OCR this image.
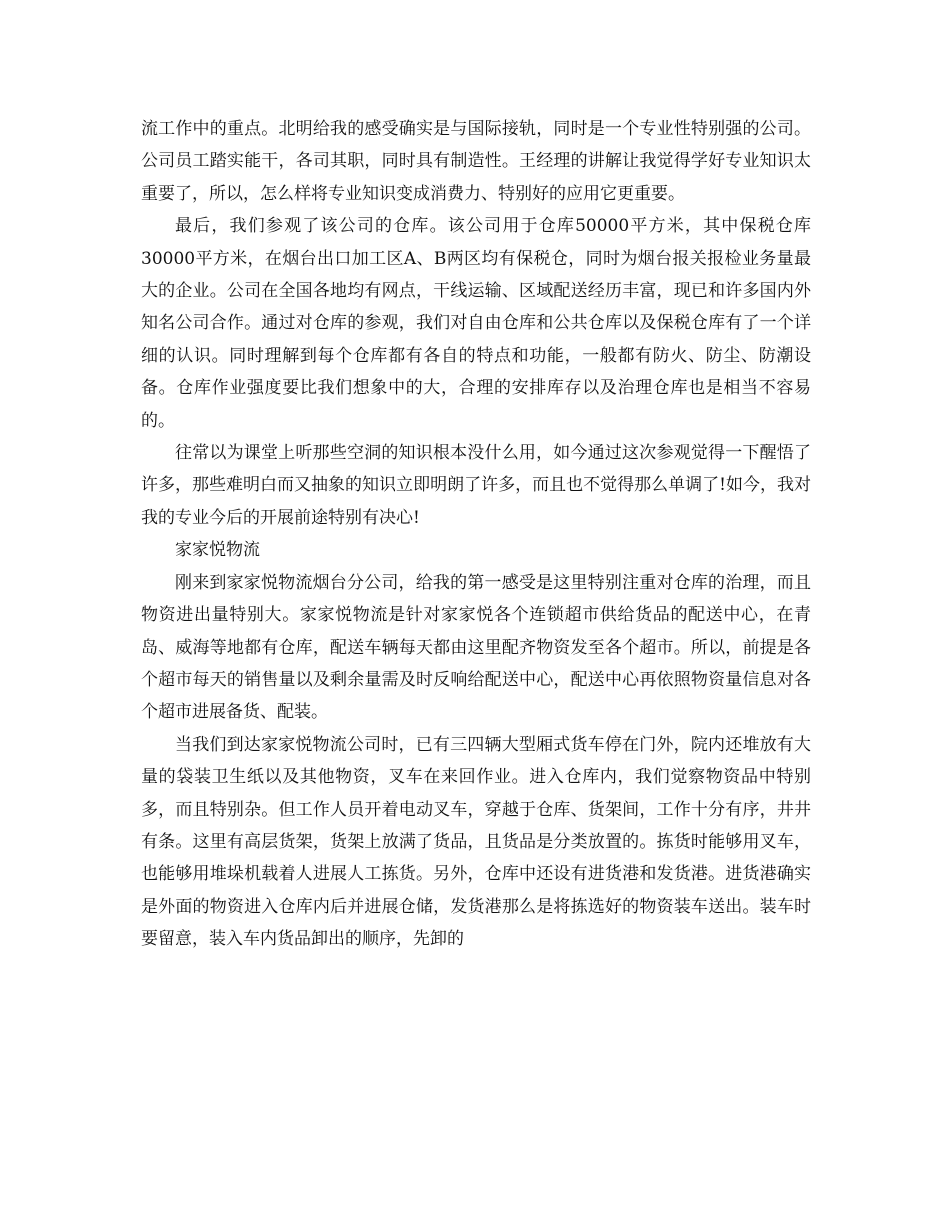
流工作中的重点。北明给我的感受确实是与国际接轨，同时是一个专业性特别强的公司。公司员工踏实能干，各司其职，同时具有制造性。王经理的讲解让我觉得学好专业知识太重要了，所以，怎么样将专业知识变成消费力、特别好的应用它更重要。

最后，我们参观了该公司的仓库。该公司用于仓库50000平方米，其中保税仓库30000平方米，在烟台出口加工区A、B两区均有保税仓，同时为烟台报关报检业务量最大的企业。公司在全国各地均有网点，干线运输、区域配送经历丰富，现已和许多国内外知名公司合作。通过对仓库的参观，我们对自由仓库和公共仓库以及保税仓库有了一个详细的认识。同时理解到每个仓库都有各自的特点和功能，一般都有防火、防尘、防潮设备。仓库作业强度要比我们想象中的大，合理的安排库存以及治理仓库也是相当不容易的。

往常以为课堂上听那些空洞的知识根本没什么用，如今通过这次参观觉得一下醒悟了许多，那些难明白而又抽象的知识立即明朗了许多，而且也不觉得那么单调了!如今，我对我的专业今后的开展前途特别有决心!

家家悦物流

刚来到家家悦物流烟台分公司，给我的第一感受是这里特别注重对仓库的治理，而且物资进出量特别大。家家悦物流是针对家家悦各个连锁超市供给货品的配送中心，在青岛、威海等地都有仓库，配送车辆每天都由这里配齐物资发至各个超市。所以，前提是各个超市每天的销售量以及剩余量需及时反响给配送中心，配送中心再依照物资量信息对各个超市进展备货、配装。

当我们到达家家悦物流公司时，已有三四辆大型厢式货车停在门外，院内还堆放有大量的袋装卫生纸以及其他物资，叉车在来回作业。进入仓库内，我们觉察物资品中特别多，而且特别杂。但工作人员开着电动叉车，穿越于仓库、货架间，工作十分有序，井井有条。这里有高层货架，货架上放满了货品，且货品是分类放置的。拣货时能够用叉车，也能够用堆垛机载着人进展人工拣货。另外，仓库中还设有进货港和发货港。进货港确实是外面的物资进入仓库内后并进展仓储，发货港那么是将拣选好的物资装车送出。装车时要留意，装入车内货品卸出的顺序，先卸的
